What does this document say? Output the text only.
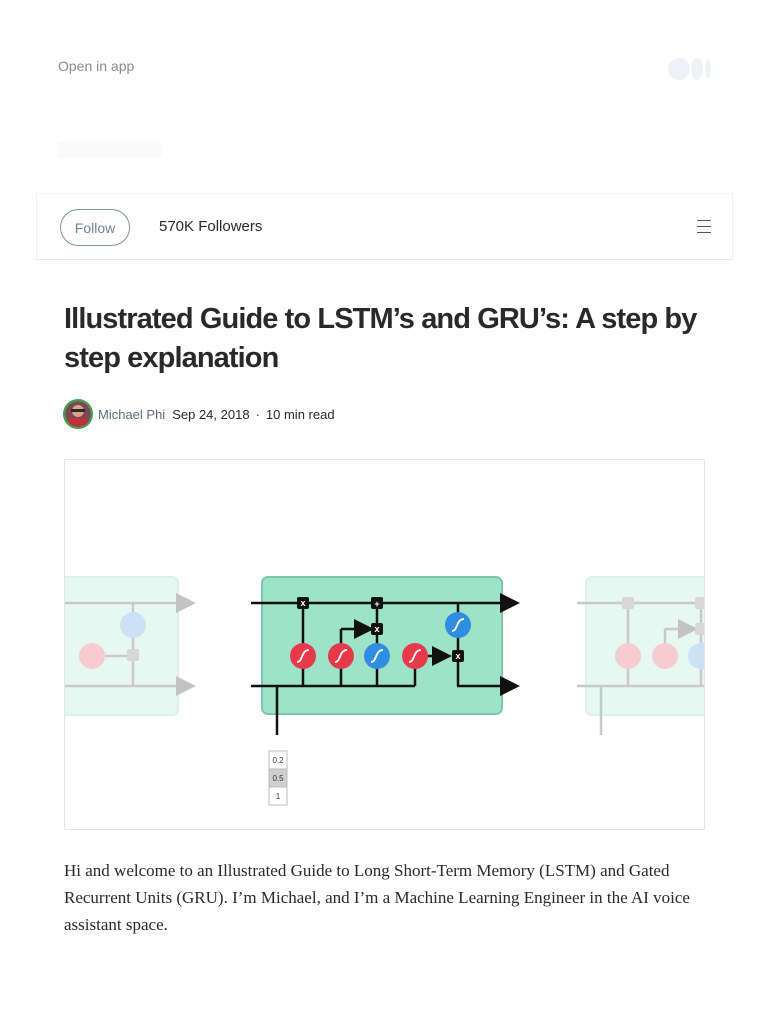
Open in app
Follow	570K Followers
Illustrated Guide to LSTM’s and GRU’s: A step by step explanation
Michael Phi Sep 24, 2018 · 10 min read
x	+
x
x
0.2
0.5
1

Hi and welcome to an Illustrated Guide to Long Short-Term Memory (LSTM) and Gated Recurrent Units (GRU). I’m Michael, and I’m a Machine Learning Engineer in the AI voice assistant space.
